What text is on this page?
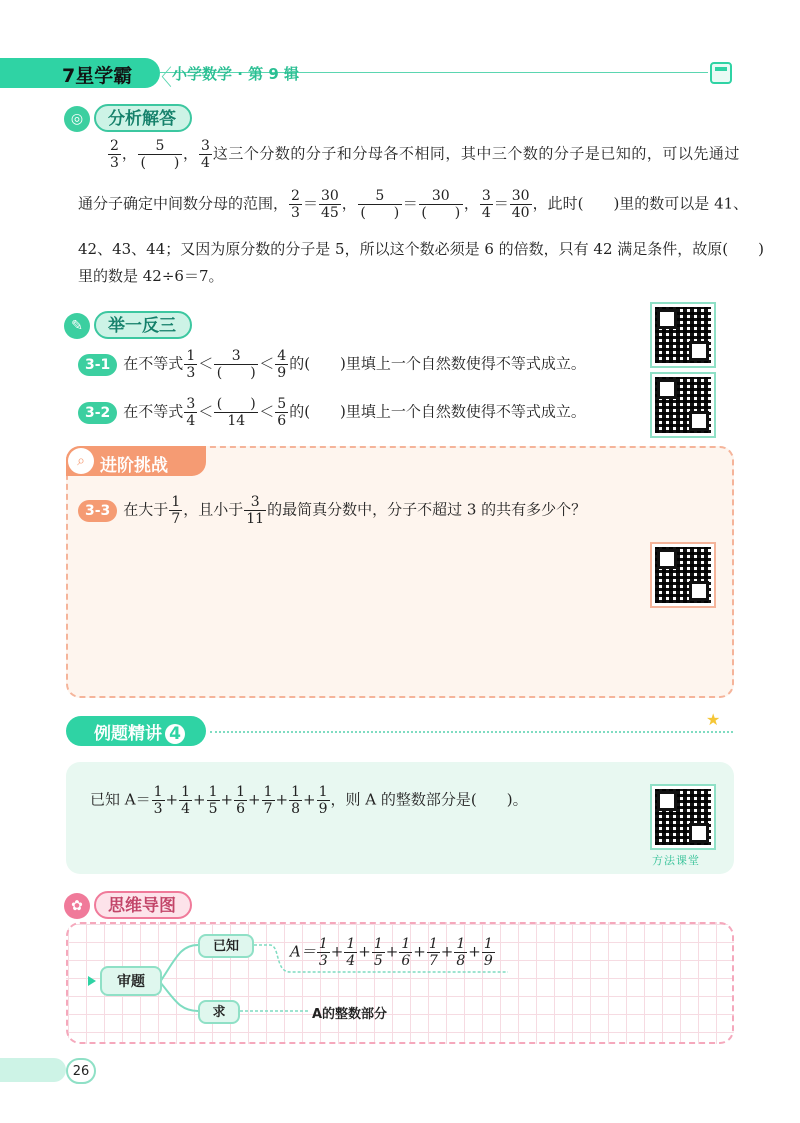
7星学霸 〈 小学数学 · 第 9 辑
◎	分析解答
$\frac{2}{3}$ ， $\frac{5}{( )}$ ， $\frac{3}{4}$ 这三个分数的分子和分母各不相同，其中三个数的分子是已知的，可以先通过
通分子确定中间数分母的范围， $\frac{2}{3} = \frac{30}{45}$ ， $\frac{5}{( )} = \frac{30}{( )}$ ， $\frac{3}{4} = \frac{30}{40}$ ，此时(　　)里的数可以是 41、
42、43、44；又因为原分数的分子是 5，所以这个数必须是 6 的倍数，只有 42 满足条件，故原(　　)
里的数是 42÷6＝7。
✎	举一反三
3-1 在不等式 $\frac{1}{3} < \frac{3}{( )} < \frac{4}{9}$ 的(　　)里填上一个自然数使得不等式成立。
3-2 在不等式 $\frac{3}{4} < \frac{( )}{14} < \frac{5}{6}$ 的(　　)里填上一个自然数使得不等式成立。
⌕ 进阶挑战
3-3 在大于 $\frac{1}{7}$ ，且小于 $\frac{3}{11}$ 的最简真分数中，分子不超过 3 的共有多少个？
例题精讲 4
★
已知 $A= \frac{1}{3} + \frac{1}{4} + \frac{1}{5} + \frac{1}{6} + \frac{1}{7} + \frac{1}{8} + \frac{1}{9}$ ，则 A 的整数部分是(　　)。
方法课堂
✿	思维导图
审题
已知
求
$A= \frac{1}{3} + \frac{1}{4} + \frac{1}{5} + \frac{1}{6} + \frac{1}{7} + \frac{1}{8} + \frac{1}{9}$
A的整数部分
26
